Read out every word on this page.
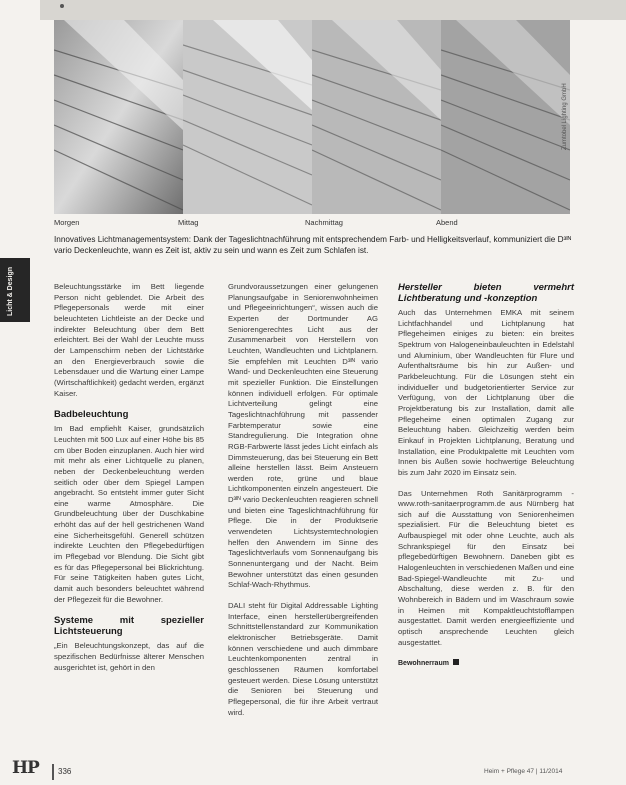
Zumtobel Lighting GmbH
Morgen	Mittag	Nachmittag	Abend
Innovatives Lichtmanagementsystem: Dank der Tageslichtnachführung mit entsprechendem Farb- und Helligkeitsverlauf, kommuniziert die D³ᴵᴺ vario Deckenleuchte, wann es Zeit ist, aktiv zu sein und wann es Zeit zum Schlafen ist.
Licht & Design	Beleuchtungsstärke im Bett liegende Person nicht geblendet. Die Arbeit des Pflegepersonals werde mit einer beleuchteten Lichtleiste an der Decke und indirekter Beleuchtung über dem Bett erleichtert. Bei der Wahl der Leuchte muss der Lampenschirm neben der Lichtstärke an den Energieverbrauch sowie die Lebensdauer und die Wartung einer Lampe (Wirtschaftlichkeit) gedacht werden, ergänzt Kaiser.

Badbeleuchtung

Im Bad empfiehlt Kaiser, grundsätzlich Leuchten mit 500 Lux auf einer Höhe bis 85 cm über Boden einzuplanen. Auch hier wird mit mehr als einer Lichtquelle zu planen, neben der Deckenbeleuchtung werden seitlich oder über dem Spiegel Lampen angebracht. So entsteht immer guter Sicht eine warme Atmosphäre. Die Grundbeleuchtung über der Duschkabine erhöht das auf der hell gestrichenen Wand eine Sicherheitsgefühl. Generell schützen indirekte Leuchten den Pflegebedürftigen im Pflegebad vor Blendung. Die Sicht gibt es für das Pflegepersonal bei Blickrichtung. Für seine Tätigkeiten haben gutes Licht, damit auch besonders beleuchtet während der Pflegezeit für die Bewohner.

Systeme mit spezieller Lichtsteuerung

„Ein Beleuchtungskonzept, das auf die spezifischen Bedürfnisse älterer Menschen ausgerichtet ist, gehört in den

Grundvoraussetzungen einer gelungenen Planungsaufgabe in Seniorenwohnheimen und Pflegeeinrichtungen“, wissen auch die Experten der Dortmunder AG Seniorengerechtes Licht aus der Zusammenarbeit von Herstellern von Leuchten, Wandleuchten und Lichtplanern. Sie empfehlen mit Leuchten D³ᴵᴺ vario Wand- und Deckenleuchten eine Steuerung mit spezieller Funktion. Die Einstellungen können individuell erfolgen. Für optimale Lichtverteilung gelingt eine Tageslichtnachführung mit passender Farbtemperatur sowie eine Standregulierung. Die Integration ohne RGB-Farbwerte lässt jedes Licht einfach als Dimmsteuerung, das bei Steuerung ein Bett alleine herstellen lässt. Beim Ansteuern werden rote, grüne und blaue Lichtkomponenten einzeln angesteuert. Die D³ᴵᴺ vario Deckenleuchten reagieren schnell und bieten eine Tageslichtnachführung für Pflege. Die in der Produktserie verwendeten Lichtsystemtechnologien helfen den Anwendern im Sinne des Tageslichtverlaufs vom Sonnenaufgang bis Sonnenuntergang und der Nacht. Beim Bewohner unterstützt das einen gesunden Schlaf-Wach-Rhythmus.

DALI steht für Digital Addressable Lighting Interface, einen herstellerübergreifenden Schnittstellenstandard zur Kommunikation elektronischer Betriebsgeräte. Damit können verschiedene und auch dimmbare Leuchtenkomponenten zentral in geschlossenen Räumen komfortabel gesteuert werden. Diese Lösung unterstützt die Senioren bei Steuerung und Pflegepersonal, die für ihre Arbeit vertraut wird.

Hersteller bieten vermehrt Lichtberatung und -konzeption

Auch das Unternehmen EMKA mit seinem Lichtfachhandel und Lichtplanung hat Pflegeheimen einiges zu bieten: ein breites Spektrum von Halogeneinbauleuchten in Edelstahl und Aluminium, über Wandleuchten für Flure und Aufenthaltsräume bis hin zur Außen- und Parkbeleuchtung. Für die Lösungen steht ein individueller und budgetorientierter Service zur Verfügung, von der Lichtplanung über die Projektberatung bis zur Installation, damit alle Pflegeheime einen optimalen Zugang zur Beleuchtung haben. Gleichzeitig werden beim Einkauf in Projekten Lichtplanung, Beratung und Installation, eine Produktpalette mit Leuchten vom Innen bis Außen sowie hochwertige Beleuchtung bis zum Jahr 2020 im Einsatz sein.

Das Unternehmen Roth Sanitärprogramm - www.roth-sanitaerprogramm.de aus Nürnberg hat sich auf die Ausstattung von Seniorenheimen spezialisiert. Für die Beleuchtung bietet es Aufbauspiegel mit oder ohne Leuchte, auch als Schrankspiegel für den Einsatz bei pflegebedürftigen Bewohnern. Daneben gibt es Halogenleuchten in verschiedenen Maßen und eine Bad-Spiegel-Wandleuchte mit Zu- und Abschaltung, diese werden z. B. für den Wohnbereich in Bädern und im Waschraum sowie in Heimen mit Kompaktleuchtstofflampen ausgestattet. Damit werden energieeffiziente und optisch ansprechende Leuchten gleich ausgestattet.

Bewohnerraum
HP 336	Heim + Pflege 47 | 11/2014
